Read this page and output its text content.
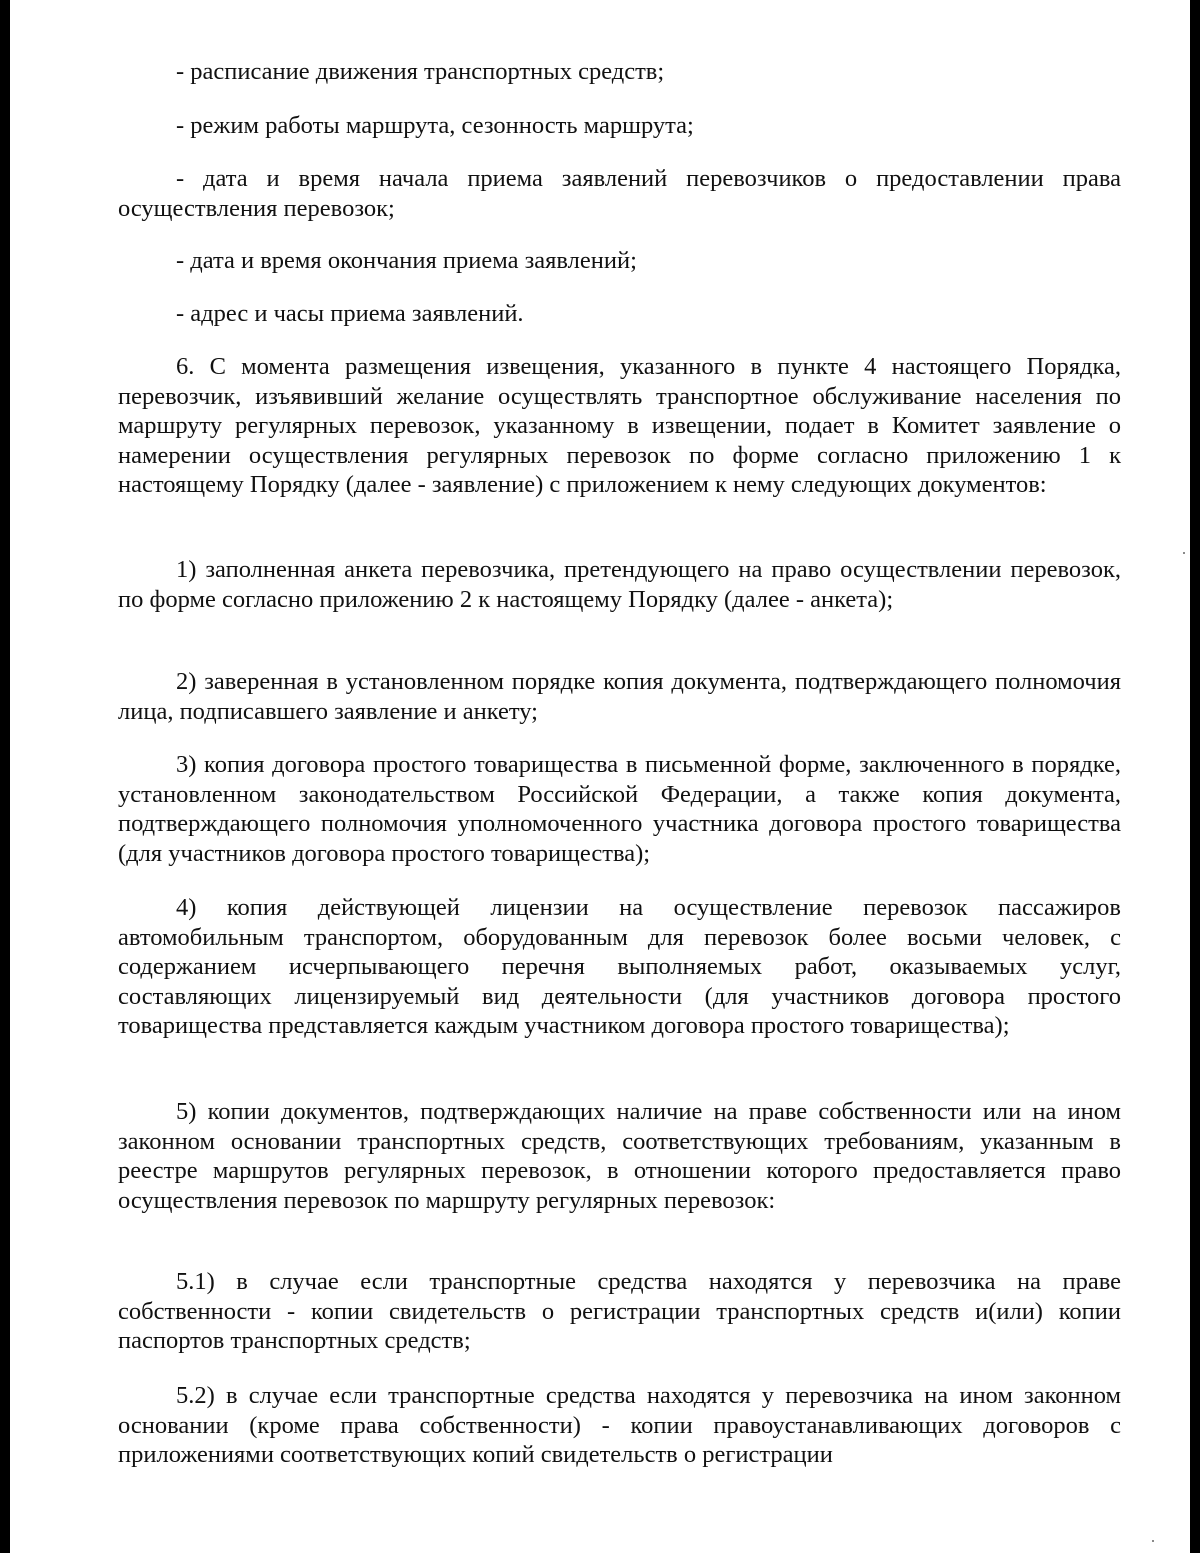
- расписание движения транспортных средств;

- режим работы маршрута, сезонность маршрута;

- дата и время начала приема заявлений перевозчиков о предоставлении права осуществления перевозок;

- дата и время окончания приема заявлений;

- адрес и часы приема заявлений.

6. С момента размещения извещения, указанного в пункте 4 настоящего Порядка, перевозчик, изъявивший желание осуществлять транспортное обслуживание населения по маршруту регулярных перевозок, указанному в извещении, подает в Комитет заявление о намерении осуществления регулярных перевозок по форме согласно приложению 1 к настоящему Порядку (далее - заявление) с приложением к нему следующих документов:

1) заполненная анкета перевозчика, претендующего на право осуществлении перевозок, по форме согласно приложению 2 к настоящему Порядку (далее - анкета);

2) заверенная в установленном порядке копия документа, подтверждающего полномочия лица, подписавшего заявление и анкету;

3) копия договора простого товарищества в письменной форме, заключенного в порядке, установленном законодательством Российской Федерации, а также копия документа, подтверждающего полномочия уполномоченного участника договора простого товарищества (для участников договора простого товарищества);

4) копия действующей лицензии на осуществление перевозок пассажиров автомобильным транспортом, оборудованным для перевозок более восьми человек, с содержанием исчерпывающего перечня выполняемых работ, оказываемых услуг, составляющих лицензируемый вид деятельности (для участников договора простого товарищества представляется каждым участником договора простого товарищества);

5) копии документов, подтверждающих наличие на праве собственности или на ином законном основании транспортных средств, соответствующих требованиям, указанным в реестре маршрутов регулярных перевозок, в отношении которого предоставляется право осуществления перевозок по маршруту регулярных перевозок:

5.1) в случае если транспортные средства находятся у перевозчика на праве собственности - копии свидетельств о регистрации транспортных средств и(или) копии паспортов транспортных средств;

5.2) в случае если транспортные средства находятся у перевозчика на ином законном основании (кроме права собственности) - копии правоустанавливающих договоров с приложениями соответствующих копий свидетельств о регистрации
